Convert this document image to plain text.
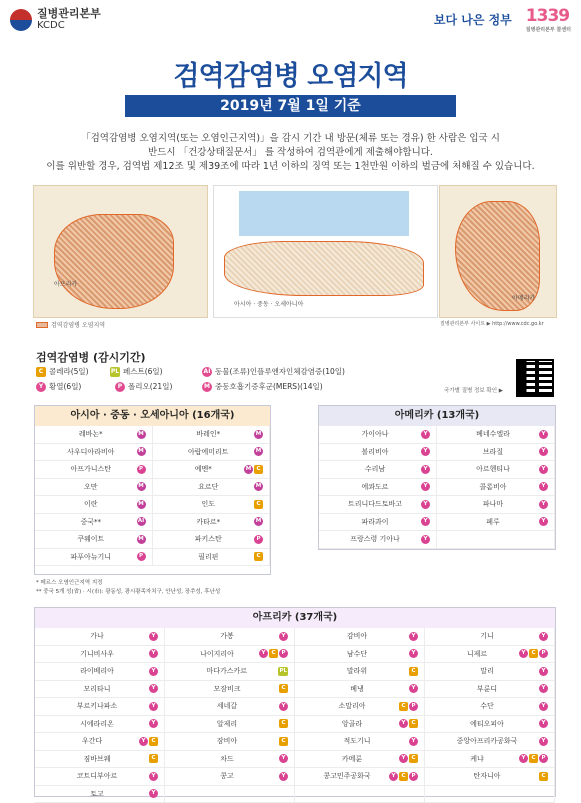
질병관리본부
KCDC	보다 나은 정부 1339
질병관리본부 콜센터
검역감염병 오염지역
2019년 7월 1일 기준
「검역감염병 오염지역(또는 오염인근지역)」을 감시 기간 내 방문(체류 또는 경유) 한 사람은 입국 시
반드시 「건강상태질문서」 를 작성하여 검역관에게 제출해야합니다.
이를 위반할 경우, 검역법 제12조 및 제39조에 따라 1년 이하의 징역 또는 1천만원 이하의 벌금에 처해질 수 있습니다.
아프리카
아시아 · 중동 · 오세아니아
아메리카
검역감염병 오염지역	질병관리본부 사이트 ▶ http://www.cdc.go.kr
검역감염병 (감시기간)
C 콜레라(5일)	PL 페스트(6일)	AI 동물(조류)인플루엔자인체감염증(10일)
Y 황열(6일)	P 폴리오(21일)	M 중동호흡기증후군(MERS)(14일)	국가별 질병 정보 확인 ▶
아시아 · 중동 · 오세아니아 (16개국)
레바논*	M	바레인*	M
사우디아라비아	M	아랍에미리트	M
아프가니스탄	P	예멘*	M C
오만	M	요르단	M
이란	M	인도	C
중국**	AI	카타르*	M
쿠웨이트	M	파키스탄	P
파푸아뉴기니	P	필리핀	C
* 메르스 오염인근지역 지정
** 중국 5개 성(省) · 시(市): 광동성, 광시좡족자치구, 안난성, 장쑤성, 후난성
아메리카 (13개국)
가이아나	Y	베네수엘라	Y
볼리비아	Y	브라질	Y
수리남	Y	아르헨티나	Y
에콰도르	Y	콜롬비아	Y
트리니다드토바고	Y	파나마	Y
파라과이	Y	페루	Y
프랑스령 기아나	Y
아프리카 (37개국)
가나	Y	가봉	Y	감비아	Y	기니	Y
기니비사우	Y	나이지리아	Y	C	P	남수단	Y	니제르	Y	C	P
라이베리아	Y	마다가스카르	PL	말라위	C	말리	Y
모리타니	Y	모잠비크	C	베냉	Y	부룬디	Y
부르키나파소	Y	세네갈	Y	소말리아	C	P	수단	Y
시에라리온	Y	알제리	C	앙골라	Y	C	에티오피아	Y
우간다	Y	C	잠비아	C	적도기니	Y	중앙아프리카공화국	Y
짐바브웨	C	차드	Y	카메룬	Y	C	케냐	Y	C	P
코트디부아르	Y	콩고	Y	콩고민주공화국	Y	C	P	탄자니아	C
토고	Y
